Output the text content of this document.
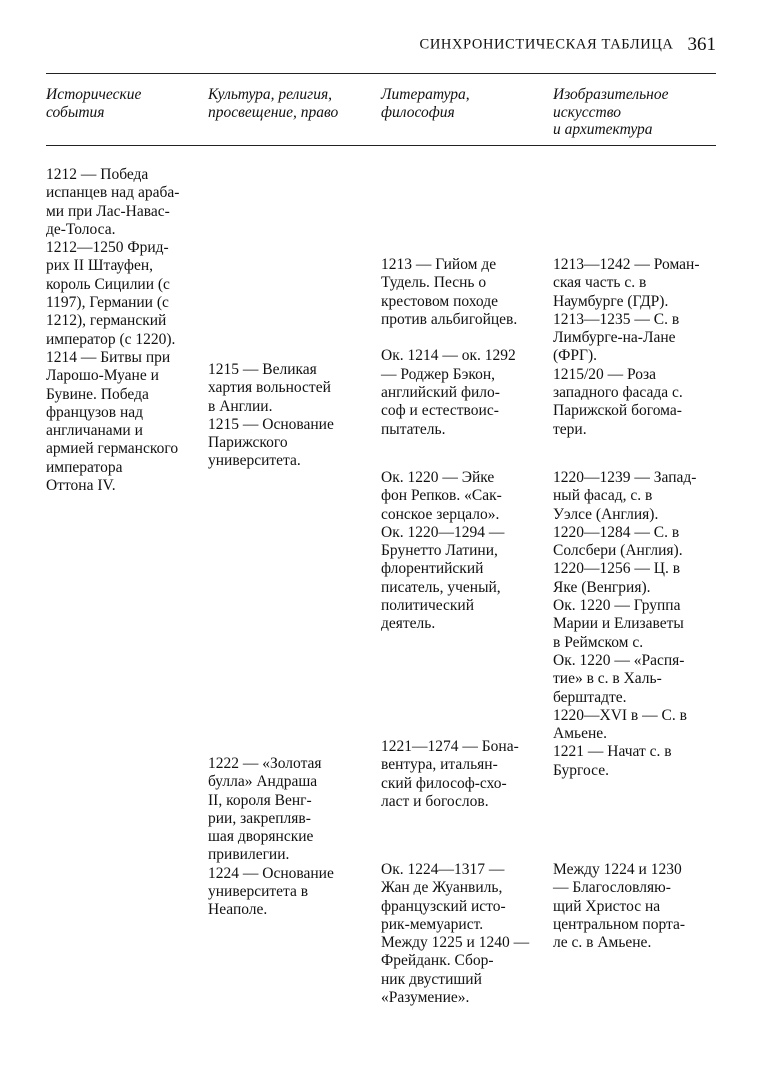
СИНХРОНИСТИЧЕСКАЯ ТАБЛИЦА 361
Исторические
события
Культура, религия,
просвещение, право
Литература,
философия
Изобразительное
искусство
и архитектура
1212 — Победа
испанцев над араба-
ми при Лас-Навас-
де-Толоса.
1212—1250 Фрид-
рих II Штауфен,
король Сицилии (с
1197), Германии (с
1212), германский
император (с 1220).
1214 — Битвы при
Ларошо-Муане и
Бувине. Победа
французов над
англичанами и
армией германского
императора
Оттона IV.
1215 — Великая
хартия вольностей
в Англии.
1215 — Основание
Парижского
университета.
1222 — «Золотая
булла» Андраша
II, короля Венг-
рии, закрепляв-
шая дворянские
привилегии.
1224 — Основание
университета в
Неаполе.
1213 — Гийом де
Тудель. Песнь о
крестовом походе
против альбигойцев.

Ок. 1214 — ок. 1292
— Роджер Бэкон,
английский фило-
соф и естествоис-
пытатель.
Ок. 1220 — Эйке
фон Репков. «Сак-
сонское зерцало».
Ок. 1220—1294 —
Брунетто Латини,
флорентийский
писатель, ученый,
политический
деятель.
1221—1274 — Бона-
вентура, итальян-
ский философ-схо-
ласт и богослов.
Ок. 1224—1317 —
Жан де Жуанвиль,
французский исто-
рик-мемуарист.
Между 1225 и 1240 —
Фрейданк. Сбор-
ник двустиший
«Разумение».
1213—1242 — Роман-
ская часть с. в
Наумбурге (ГДР).
1213—1235 — С. в
Лимбурге-на-Лане
(ФРГ).
1215/20 — Роза
западного фасада с.
Парижской богома-
тери.
1220—1239 — Запад-
ный фасад, с. в
Уэлсе (Англия).
1220—1284 — С. в
Солсбери (Англия).
1220—1256 — Ц. в
Яке (Венгрия).
Ок. 1220 — Группа
Марии и Елизаветы
в Реймском с.
Ок. 1220 — «Распя-
тие» в с. в Халь-
берштадте.
1220—XVI в — С. в
Амьене.
1221 — Начат с. в
Бургосе.
Между 1224 и 1230
— Благословляю-
щий Христос на
центральном порта-
ле с. в Амьене.
